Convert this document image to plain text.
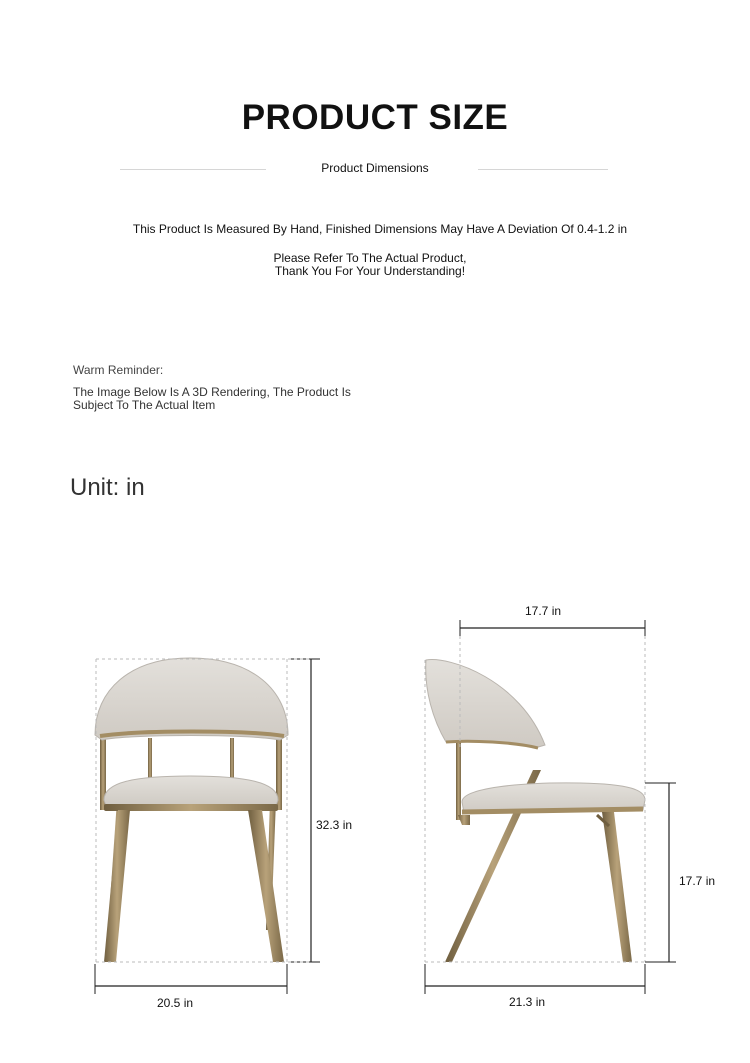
PRODUCT SIZE
Product Dimensions
This Product Is Measured By Hand, Finished Dimensions May Have A Deviation Of 0.4-1.2 in
Please Refer To The Actual Product,
Thank You For Your Understanding!
Warm Reminder:
The Image Below Is A 3D Rendering, The Product Is
Subject To The Actual Item
Unit: in
32.3 in
20.5 in
17.7 in
17.7 in
21.3 in
